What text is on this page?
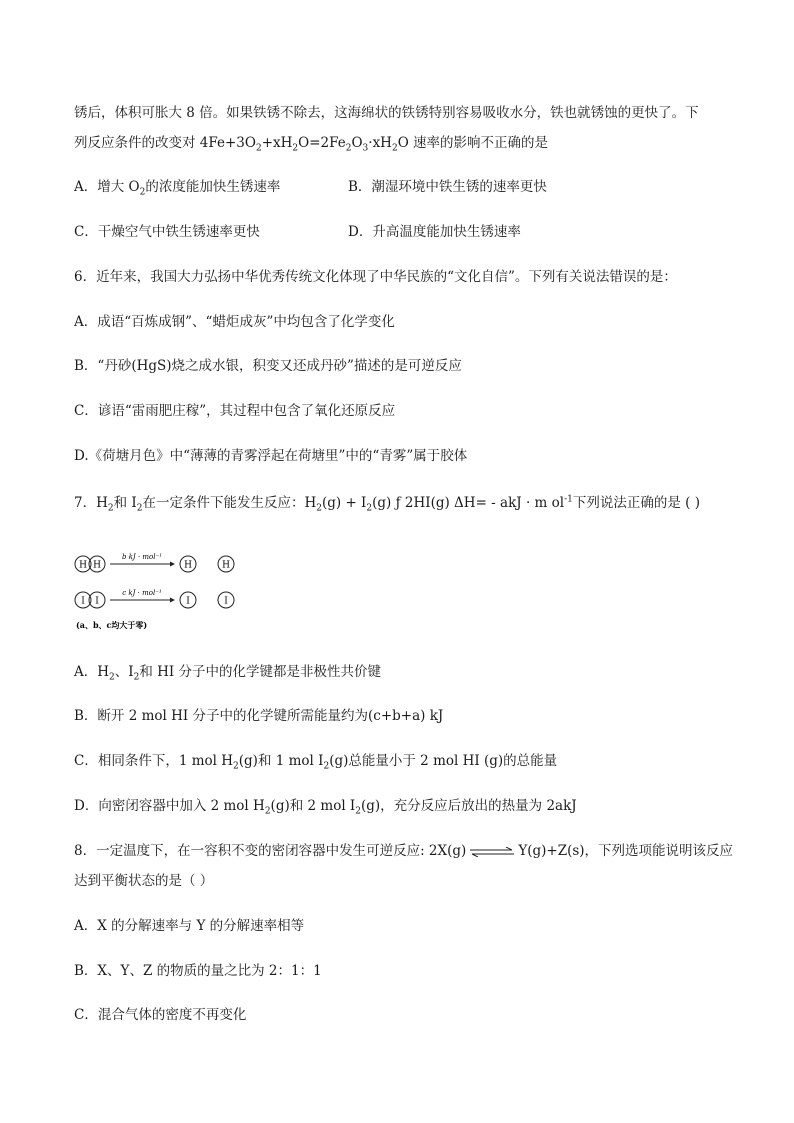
锈后，体积可胀大 8 倍。如果铁锈不除去，这海绵状的铁锈特别容易吸收水分，铁也就锈蚀的更快了。下
列反应条件的改变对 $4Fe+3O_2+xH_2O=2Fe_2O_3\cdot xH_2O$ 速率的影响不正确的是
A．增大 $O_2$的浓度能加快生锈速率	B．潮湿环境中铁生锈的速率更快
C．干燥空气中铁生锈速率更快	D．升高温度能加快生锈速率
6．近年来，我国大力弘扬中华优秀传统文化体现了中华民族的“文化自信”。下列有关说法错误的是：
A．成语“百炼成钢”、“蜡炬成灰”中均包含了化学变化
B．“丹砂(HgS)烧之成水银，积变又还成丹砂”描述的是可逆反应
C．谚语“雷雨肥庄稼”，其过程中包含了氧化还原反应
D.《荷塘月色》中“薄薄的青雾浮起在荷塘里”中的“青雾”属于胶体
7．$H_2$和 $I_2$在一定条件下能发生反应：$H_2(g) + I_2(g)$ ƒ 2HI(g) ΔH= - akJ · m $ol^{-1}$下列说法正确的是 ( )
H H
b kJ · mol⁻¹
H	H
I I
c kJ · mol⁻¹
I	I
(a、b、c均大于零)
A．$H_2$、$I_2$和 HI 分子中的化学键都是非极性共价键
B．断开 2 mol HI 分子中的化学键所需能量约为(c+b+a) kJ
C．相同条件下，1 mol $H_2(g)$和 1 mol $I_2(g)$总能量小于 2 mol HI (g)的总能量
D．向密闭容器中加入 2 mol $H_2(g)$和 2 mol $I_2(g)$，充分反应后放出的热量为 2akJ
8．一定温度下，在一容积不变的密闭容器中发生可逆反应: 2X(g) ⇌ Y(g)+Z(s)，下列选项能说明该反应
达到平衡状态的是（ ）
A．X 的分解速率与 Y 的分解速率相等
B．X、Y、Z 的物质的量之比为 2：1：1
C．混合气体的密度不再变化
